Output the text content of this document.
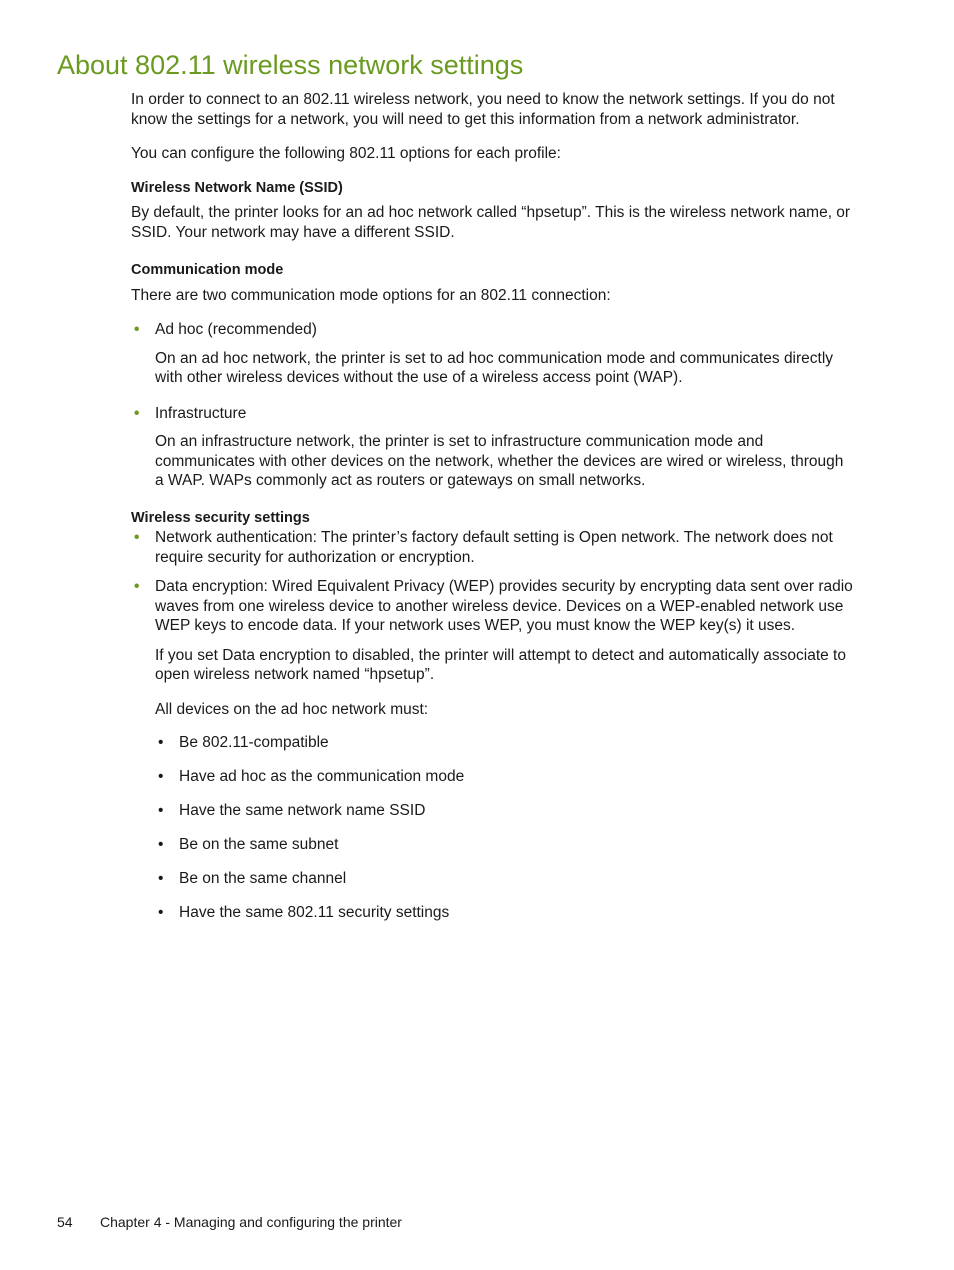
About 802.11 wireless network settings

In order to connect to an 802.11 wireless network, you need to know the network settings. If you do not know the settings for a network, you will need to get this information from a network administrator.

You can configure the following 802.11 options for each profile:

Wireless Network Name (SSID)

By default, the printer looks for an ad hoc network called “hpsetup”. This is the wireless network name, or SSID. Your network may have a different SSID.

Communication mode

There are two communication mode options for an 802.11 connection:

• Ad hoc (recommended)

On an ad hoc network, the printer is set to ad hoc communication mode and communicates directly with other wireless devices without the use of a wireless access point (WAP).

• Infrastructure

On an infrastructure network, the printer is set to infrastructure communication mode and communicates with other devices on the network, whether the devices are wired or wireless, through a WAP. WAPs commonly act as routers or gateways on small networks.

Wireless security settings

• Network authentication: The printer’s factory default setting is Open network. The network does not require security for authorization or encryption.

• Data encryption: Wired Equivalent Privacy (WEP) provides security by encrypting data sent over radio waves from one wireless device to another wireless device. Devices on a WEP-enabled network use WEP keys to encode data. If your network uses WEP, you must know the WEP key(s) it uses.

If you set Data encryption to disabled, the printer will attempt to detect and automatically associate to open wireless network named “hpsetup”.

All devices on the ad hoc network must:

• Be 802.11-compatible
• Have ad hoc as the communication mode
• Have the same network name SSID
• Be on the same subnet
• Be on the same channel
• Have the same 802.11 security settings
54 Chapter 4 - Managing and configuring the printer
